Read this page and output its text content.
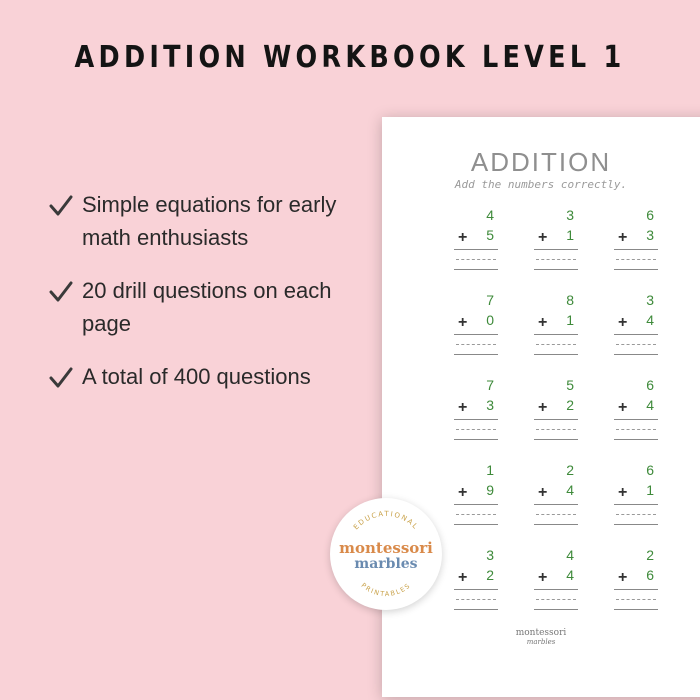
ADDITION WORKBOOK LEVEL 1
Simple equations for early math enthusiasts
20 drill questions on each page
A total of 400 questions
ADDITION
Add the numbers correctly.
4
+ 5
3
+ 1
6
+ 3
7
+ 0
8
+ 1
3
+ 4
7
+ 3
5
+ 2
6
+ 4
1
+ 9
2
+ 4
6
+ 1
3
+ 2
4
+ 4
2
+ 6
montessori
marbles
EDUCATIONAL
PRINTABLES
montessori
marbles
